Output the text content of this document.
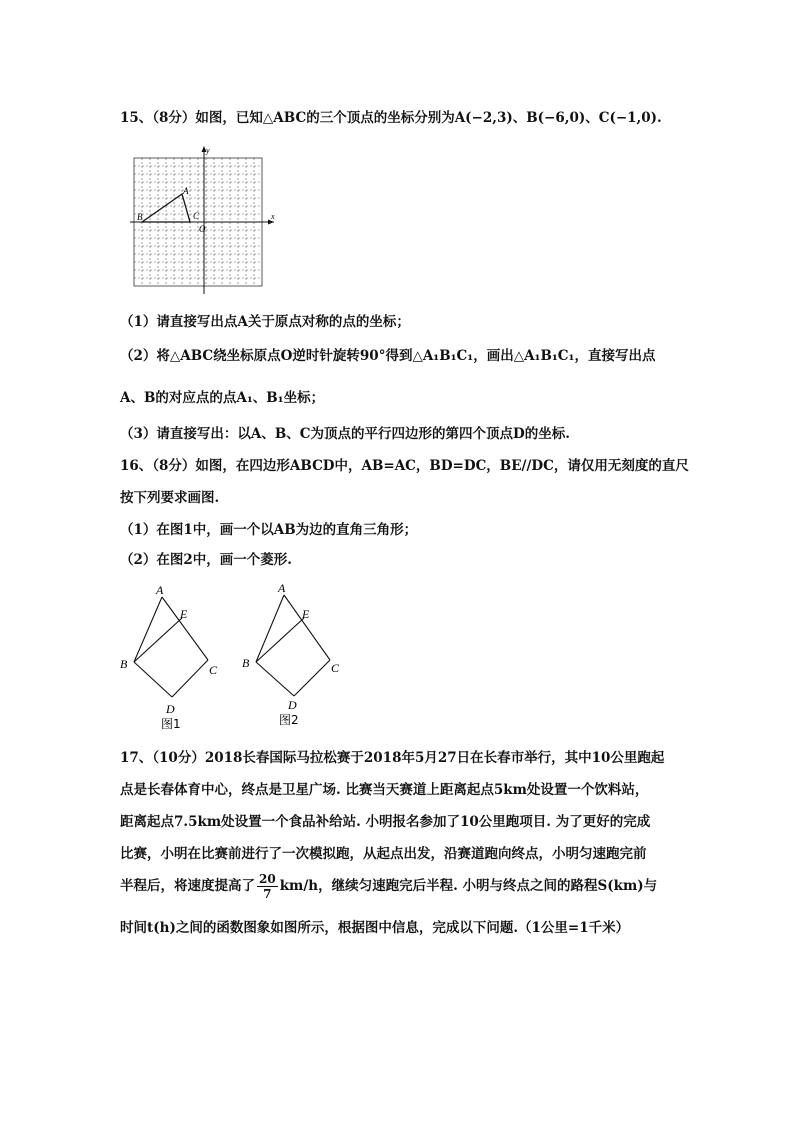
15、（8分）如图，已知△ABC的三个顶点的坐标分别为A(−2,3)、B(−6,0)、C(−1,0).
y
x
A
B	C
O
（1）请直接写出点A关于原点对称的点的坐标；
（2）将△ABC绕坐标原点O逆时针旋转90°得到△A₁B₁C₁，画出△A₁B₁C₁，直接写出点
A、B的对应点的点A₁、B₁坐标；
（3）请直接写出：以A、B、C为顶点的平行四边形的第四个顶点D的坐标.
16、（8分）如图，在四边形ABCD中，AB=AC，BD=DC，BE//DC，请仅用无刻度的直尺
按下列要求画图.
（1）在图1中，画一个以AB为边的直角三角形；
（2）在图2中，画一个菱形.
A
E
B	C
D
图1
A
E
B	C
D
图2
17、（10分）2018长春国际马拉松赛于2018年5月27日在长春市举行，其中10公里跑起
点是长春体育中心，终点是卫星广场. 比赛当天赛道上距离起点5km处设置一个饮料站，
距离起点7.5km处设置一个食品补给站. 小明报名参加了10公里跑项目. 为了更好的完成
比赛，小明在比赛前进行了一次模拟跑，从起点出发，沿赛道跑向终点，小明匀速跑完前
半程后，将速度提高了 $\frac{20}{7} km/h$，继续匀速跑完后半程. 小明与终点之间的路程S(km)与
时间t(h)之间的函数图象如图所示，根据图中信息，完成以下问题.（1公里=1千米）
